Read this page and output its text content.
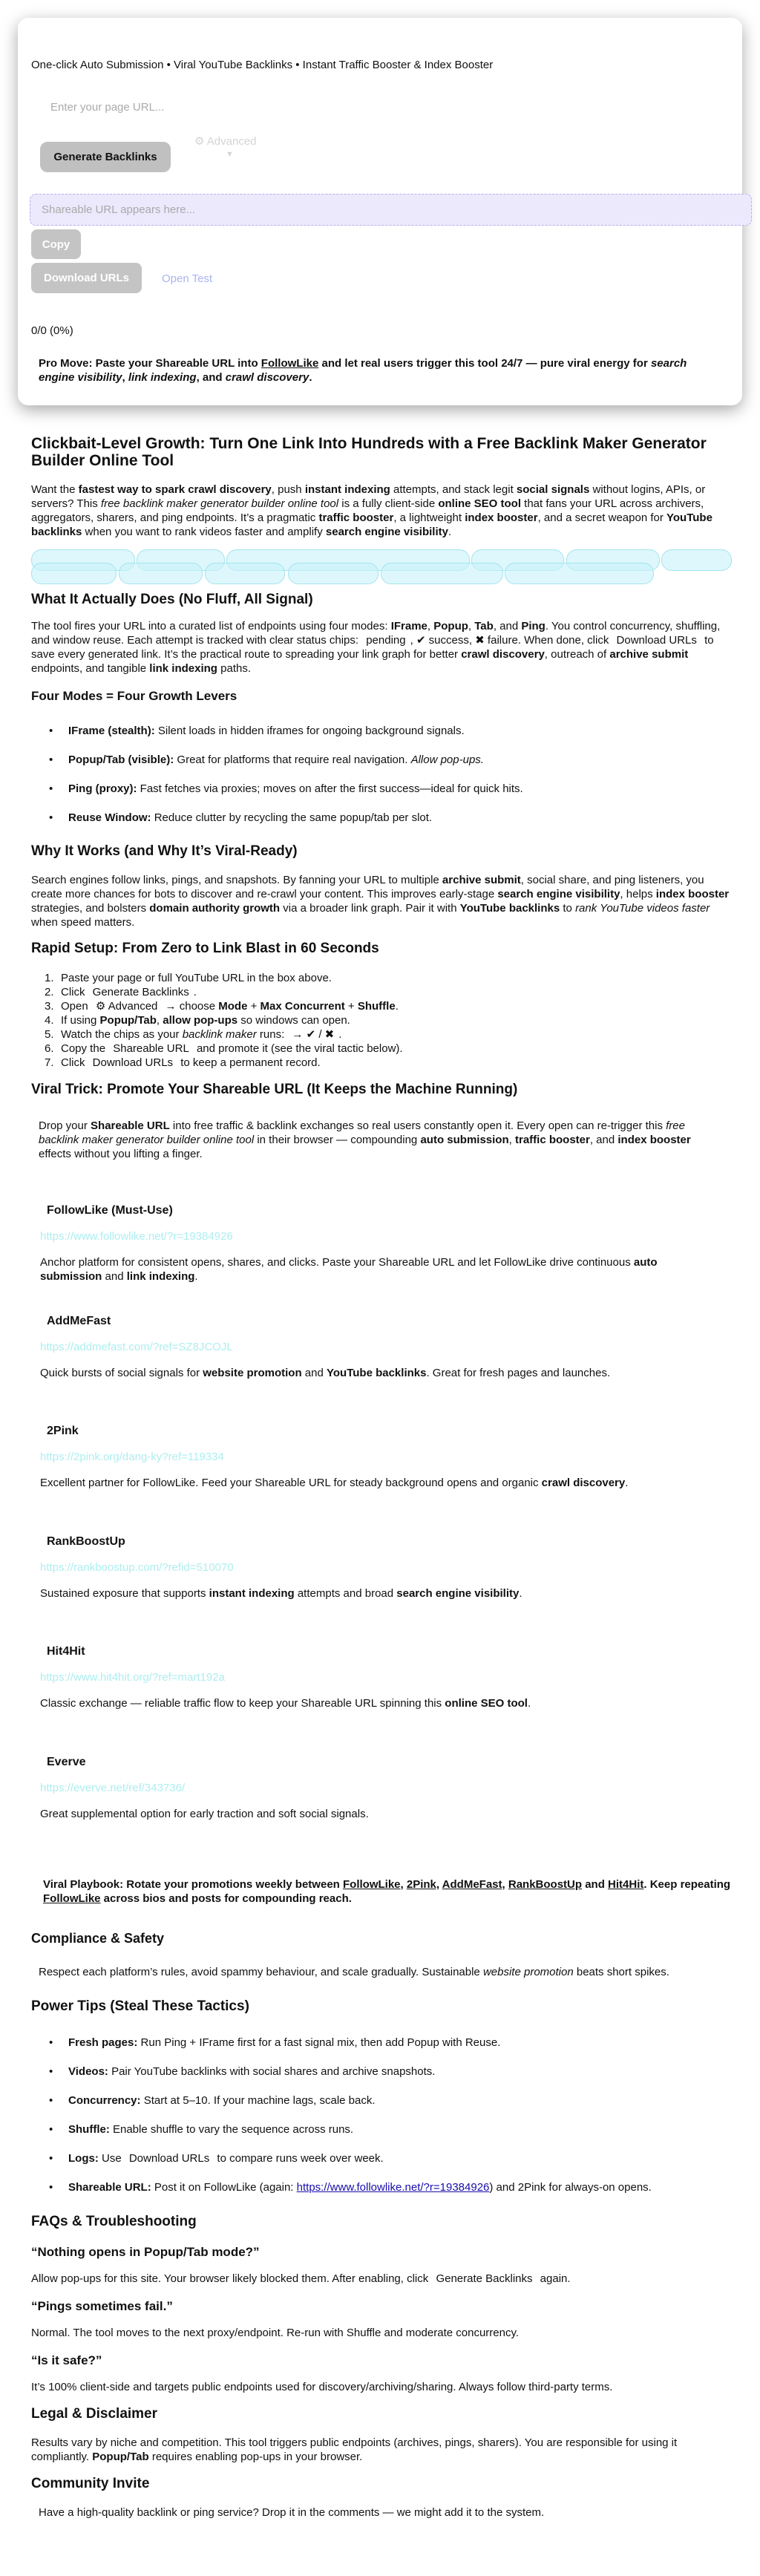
One-click Auto Submission • Viral YouTube Backlinks • Instant Traffic Booster & Index Booster
Enter your page URL...
Generate Backlinks
⚙ Advanced
▼
Shareable URL appears here...
Copy
Download URLs	Open Test
0/0 (0%)
Pro Move: Paste your Shareable URL into FollowLike and let real users trigger this tool 24/7 — pure viral energy for search engine visibility, link indexing, and crawl discovery.
Clickbait-Level Growth: Turn One Link Into Hundreds with a Free Backlink Maker Generator Builder Online Tool
Want the fastest way to spark crawl discovery, push instant indexing attempts, and stack legit social signals without logins, APIs, or servers? This free backlink maker generator builder online tool is a fully client-side online SEO tool that fans your URL across archivers, aggregators, sharers, and ping endpoints. It’s a pragmatic traffic booster, a lightweight index booster, and a secret weapon for YouTube backlinks when you want to rank videos faster and amplify search engine visibility.
What It Actually Does (No Fluff, All Signal)
The tool fires your URL into a curated list of endpoints using four modes: IFrame, Popup, Tab, and Ping. You control concurrency, shuffling, and window reuse. Each attempt is tracked with clear status chips: pending , ✔ success, ✖ failure. When done, click Download URLs to save every generated link. It’s the practical route to spreading your link graph for better crawl discovery, outreach of archive submit endpoints, and tangible link indexing paths.
Four Modes = Four Growth Levers
• IFrame (stealth): Silent loads in hidden iframes for ongoing background signals.
• Popup/Tab (visible): Great for platforms that require real navigation. Allow pop-ups.
• Ping (proxy): Fast fetches via proxies; moves on after the first success—ideal for quick hits.
• Reuse Window: Reduce clutter by recycling the same popup/tab per slot.
Why It Works (and Why It’s Viral-Ready)
Search engines follow links, pings, and snapshots. By fanning your URL to multiple archive submit, social share, and ping listeners, you create more chances for bots to discover and re-crawl your content. This improves early-stage search engine visibility, helps index booster strategies, and bolsters domain authority growth via a broader link graph. Pair it with YouTube backlinks to rank YouTube videos faster when speed matters.
Rapid Setup: From Zero to Link Blast in 60 Seconds
1. Paste your page or full YouTube URL in the box above.
2. Click Generate Backlinks .
3. Open ⚙ Advanced → choose Mode + Max Concurrent + Shuffle.
4. If using Popup/Tab, allow pop-ups so windows can open.
5. Watch the chips as your backlink maker runs: → ✔ / ✖ .
6. Copy the Shareable URL and promote it (see the viral tactic below).
7. Click Download URLs to keep a permanent record.
Viral Trick: Promote Your Shareable URL (It Keeps the Machine Running)
Drop your Shareable URL into free traffic & backlink exchanges so real users constantly open it. Every open can re-trigger this free backlink maker generator builder online tool in their browser — compounding auto submission, traffic booster, and index booster effects without you lifting a finger.
FollowLike (Must-Use)
https://www.followlike.net/?r=19384926
Anchor platform for consistent opens, shares, and clicks. Paste your Shareable URL and let FollowLike drive continuous auto submission and link indexing.
AddMeFast
https://addmefast.com/?ref=SZ8JCOJL
Quick bursts of social signals for website promotion and YouTube backlinks. Great for fresh pages and launches.
2Pink
https://2pink.org/dang-ky?ref=119334
Excellent partner for FollowLike. Feed your Shareable URL for steady background opens and organic crawl discovery.
RankBoostUp
https://rankboostup.com/?refid=510070
Sustained exposure that supports instant indexing attempts and broad search engine visibility.
Hit4Hit
https://www.hit4hit.org/?ref=mart192a
Classic exchange — reliable traffic flow to keep your Shareable URL spinning this online SEO tool.
Everve
https://everve.net/ref/343736/
Great supplemental option for early traction and soft social signals.
Viral Playbook: Rotate your promotions weekly between FollowLike, 2Pink, AddMeFast, RankBoostUp and Hit4Hit. Keep repeating FollowLike across bios and posts for compounding reach.
Compliance & Safety
Respect each platform’s rules, avoid spammy behaviour, and scale gradually. Sustainable website promotion beats short spikes.
Power Tips (Steal These Tactics)
• Fresh pages: Run Ping + IFrame first for a fast signal mix, then add Popup with Reuse.
• Videos: Pair YouTube backlinks with social shares and archive snapshots.
• Concurrency: Start at 5–10. If your machine lags, scale back.
• Shuffle: Enable shuffle to vary the sequence across runs.
• Logs: Use Download URLs to compare runs week over week.
• Shareable URL: Post it on FollowLike (again: https://www.followlike.net/?r=19384926) and 2Pink for always-on opens.
FAQs & Troubleshooting
“Nothing opens in Popup/Tab mode?”
Allow pop-ups for this site. Your browser likely blocked them. After enabling, click Generate Backlinks again.
“Pings sometimes fail.”
Normal. The tool moves to the next proxy/endpoint. Re-run with Shuffle and moderate concurrency.
“Is it safe?”
It’s 100% client-side and targets public endpoints used for discovery/archiving/sharing. Always follow third-party terms.
Legal & Disclaimer
Results vary by niche and competition. This tool triggers public endpoints (archives, pings, sharers). You are responsible for using it compliantly. Popup/Tab requires enabling pop-ups in your browser.
Community Invite
Have a high-quality backlink or ping service? Drop it in the comments — we might add it to the system.
